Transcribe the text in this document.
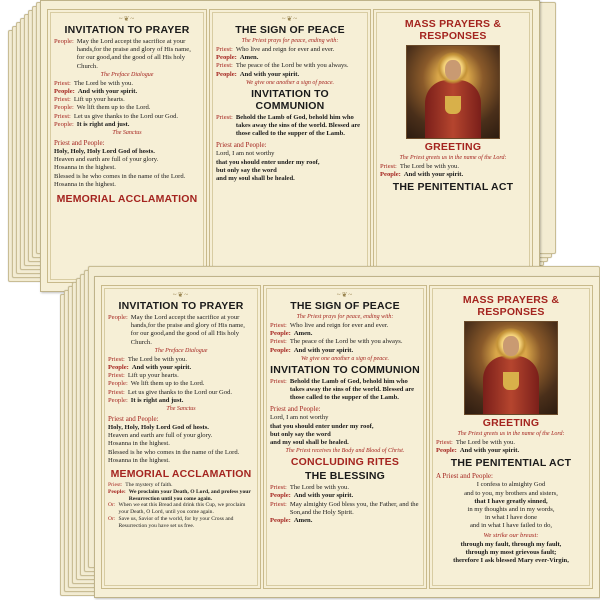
~❦~
INVITATION TO PRAYER
People: May the Lord accept the sacrifice at your hands,for the praise and glory of His name, for our good,and the good of all His holy Church.
The Preface Dialogue
Priest: The Lord be with you.
People: And with your spirit.
Priest: Lift up your hearts.
People: We lift them up to the Lord.
Priest: Let us give thanks to the Lord our God.
People: It is right and just.
The Sanctus
Priest and People:
Holy, Holy, Holy Lord God of hosts.
Heaven and earth are full of your glory.
Hosanna in the highest.
Blessed is he who comes in the name of the Lord.
Hosanna in the highest.
MEMORIAL ACCLAMATION
~❦~
THE SIGN OF PEACE
The Priest prays for peace, ending with:
Priest: Who live and reign for ever and ever.
People: Amen.
Priest: The peace of the Lord be with you always.
People: And with your spirit.
We give one another a sign of peace.
INVITATION TO COMMUNION
Priest: Behold the Lamb of God, behold him who takes away the sins of the world. Blessed are those called to the supper of the Lamb.
Priest and People:
Lord, I am not worthy
that you should enter under my roof,
but only say the word
and my soul shall be healed.
MASS PRAYERS & RESPONSES
GREETING
The Priest greets us in the name of the Lord:
Priest: The Lord be with you.
People: And with your spirit.
THE PENITENTIAL ACT
~❦~
INVITATION TO PRAYER
People: May the Lord accept the sacrifice at your hands,for the praise and glory of His name, for our good,and the good of all His holy Church.
The Preface Dialogue
Priest: The Lord be with you.
People: And with your spirit.
Priest: Lift up your hearts.
People: We lift them up to the Lord.
Priest: Let us give thanks to the Lord our God.
People: It is right and just.
The Sanctus
Priest and People:
Holy, Holy, Holy Lord God of hosts.
Heaven and earth are full of your glory.
Hosanna in the highest.
Blessed is he who comes in the name of the Lord.
Hosanna in the highest.
MEMORIAL ACCLAMATION
Priest: The mystery of faith.
People: We proclaim your Death, O Lord, and profess your Resurrection until you come again.
Or: When we eat this Bread and drink this Cup, we proclaim your Death, O Lord, until you come again.
Or: Save us, Savior of the world, for by your Cross and Resurrection you have set us free.
~❦~
THE SIGN OF PEACE
The Priest prays for peace, ending with:
Priest: Who live and reign for ever and ever.
People: Amen.
Priest: The peace of the Lord be with you always.
People: And with your spirit.
We give one another a sign of peace.
INVITATION TO COMMUNION
Priest: Behold the Lamb of God, behold him who takes away the sins of the world. Blessed are those called to the supper of the Lamb.
Priest and People:
Lord, I am not worthy
that you should enter under my roof,
but only say the word
and my soul shall be healed.
The Priest receives the Body and Blood of Christ.
CONCLUDING RITES
THE BLESSING
Priest: The Lord be with you.
People: And with your spirit.
Priest: May almighty God bless you, the Father, and the Son,and the Holy Spirit.
People: Amen.
MASS PRAYERS & RESPONSES
GREETING
The Priest greets us in the name of the Lord:
Priest: The Lord be with you.
People: And with your spirit.
THE PENITENTIAL ACT
A Priest and People:
I confess to almighty God
and to you, my brothers and sisters,
that I have greatly sinned,
in my thoughts and in my words,
in what I have done
and in what I have failed to do,
We strike our breast:
through my fault, through my fault,
through my most grievous fault;
therefore I ask blessed Mary ever-Virgin,
